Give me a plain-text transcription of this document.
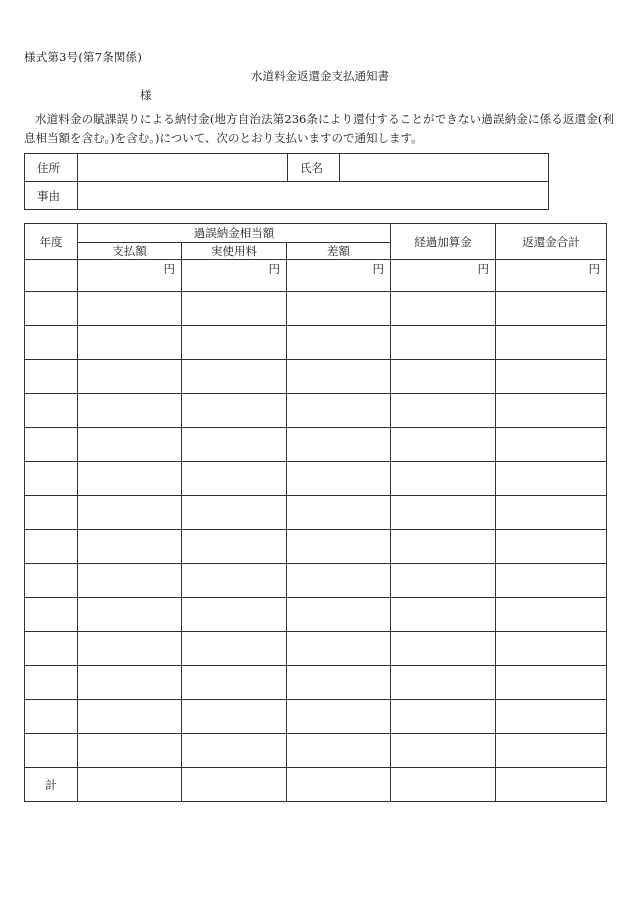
様式第3号(第7条関係)
水道料金返還金支払通知書
様
水道料金の賦課誤りによる納付金(地方自治法第236条により還付することができない過誤納金に係る返還金(利息相当額を含む。)を含む。)について、次のとおり支払いますので通知します。
住所		氏名	
事由			
年度	過誤納金相当額			経過加算金	返還金合計
	支払額	実使用料	差額		
	円	円	円	円	円

計					
